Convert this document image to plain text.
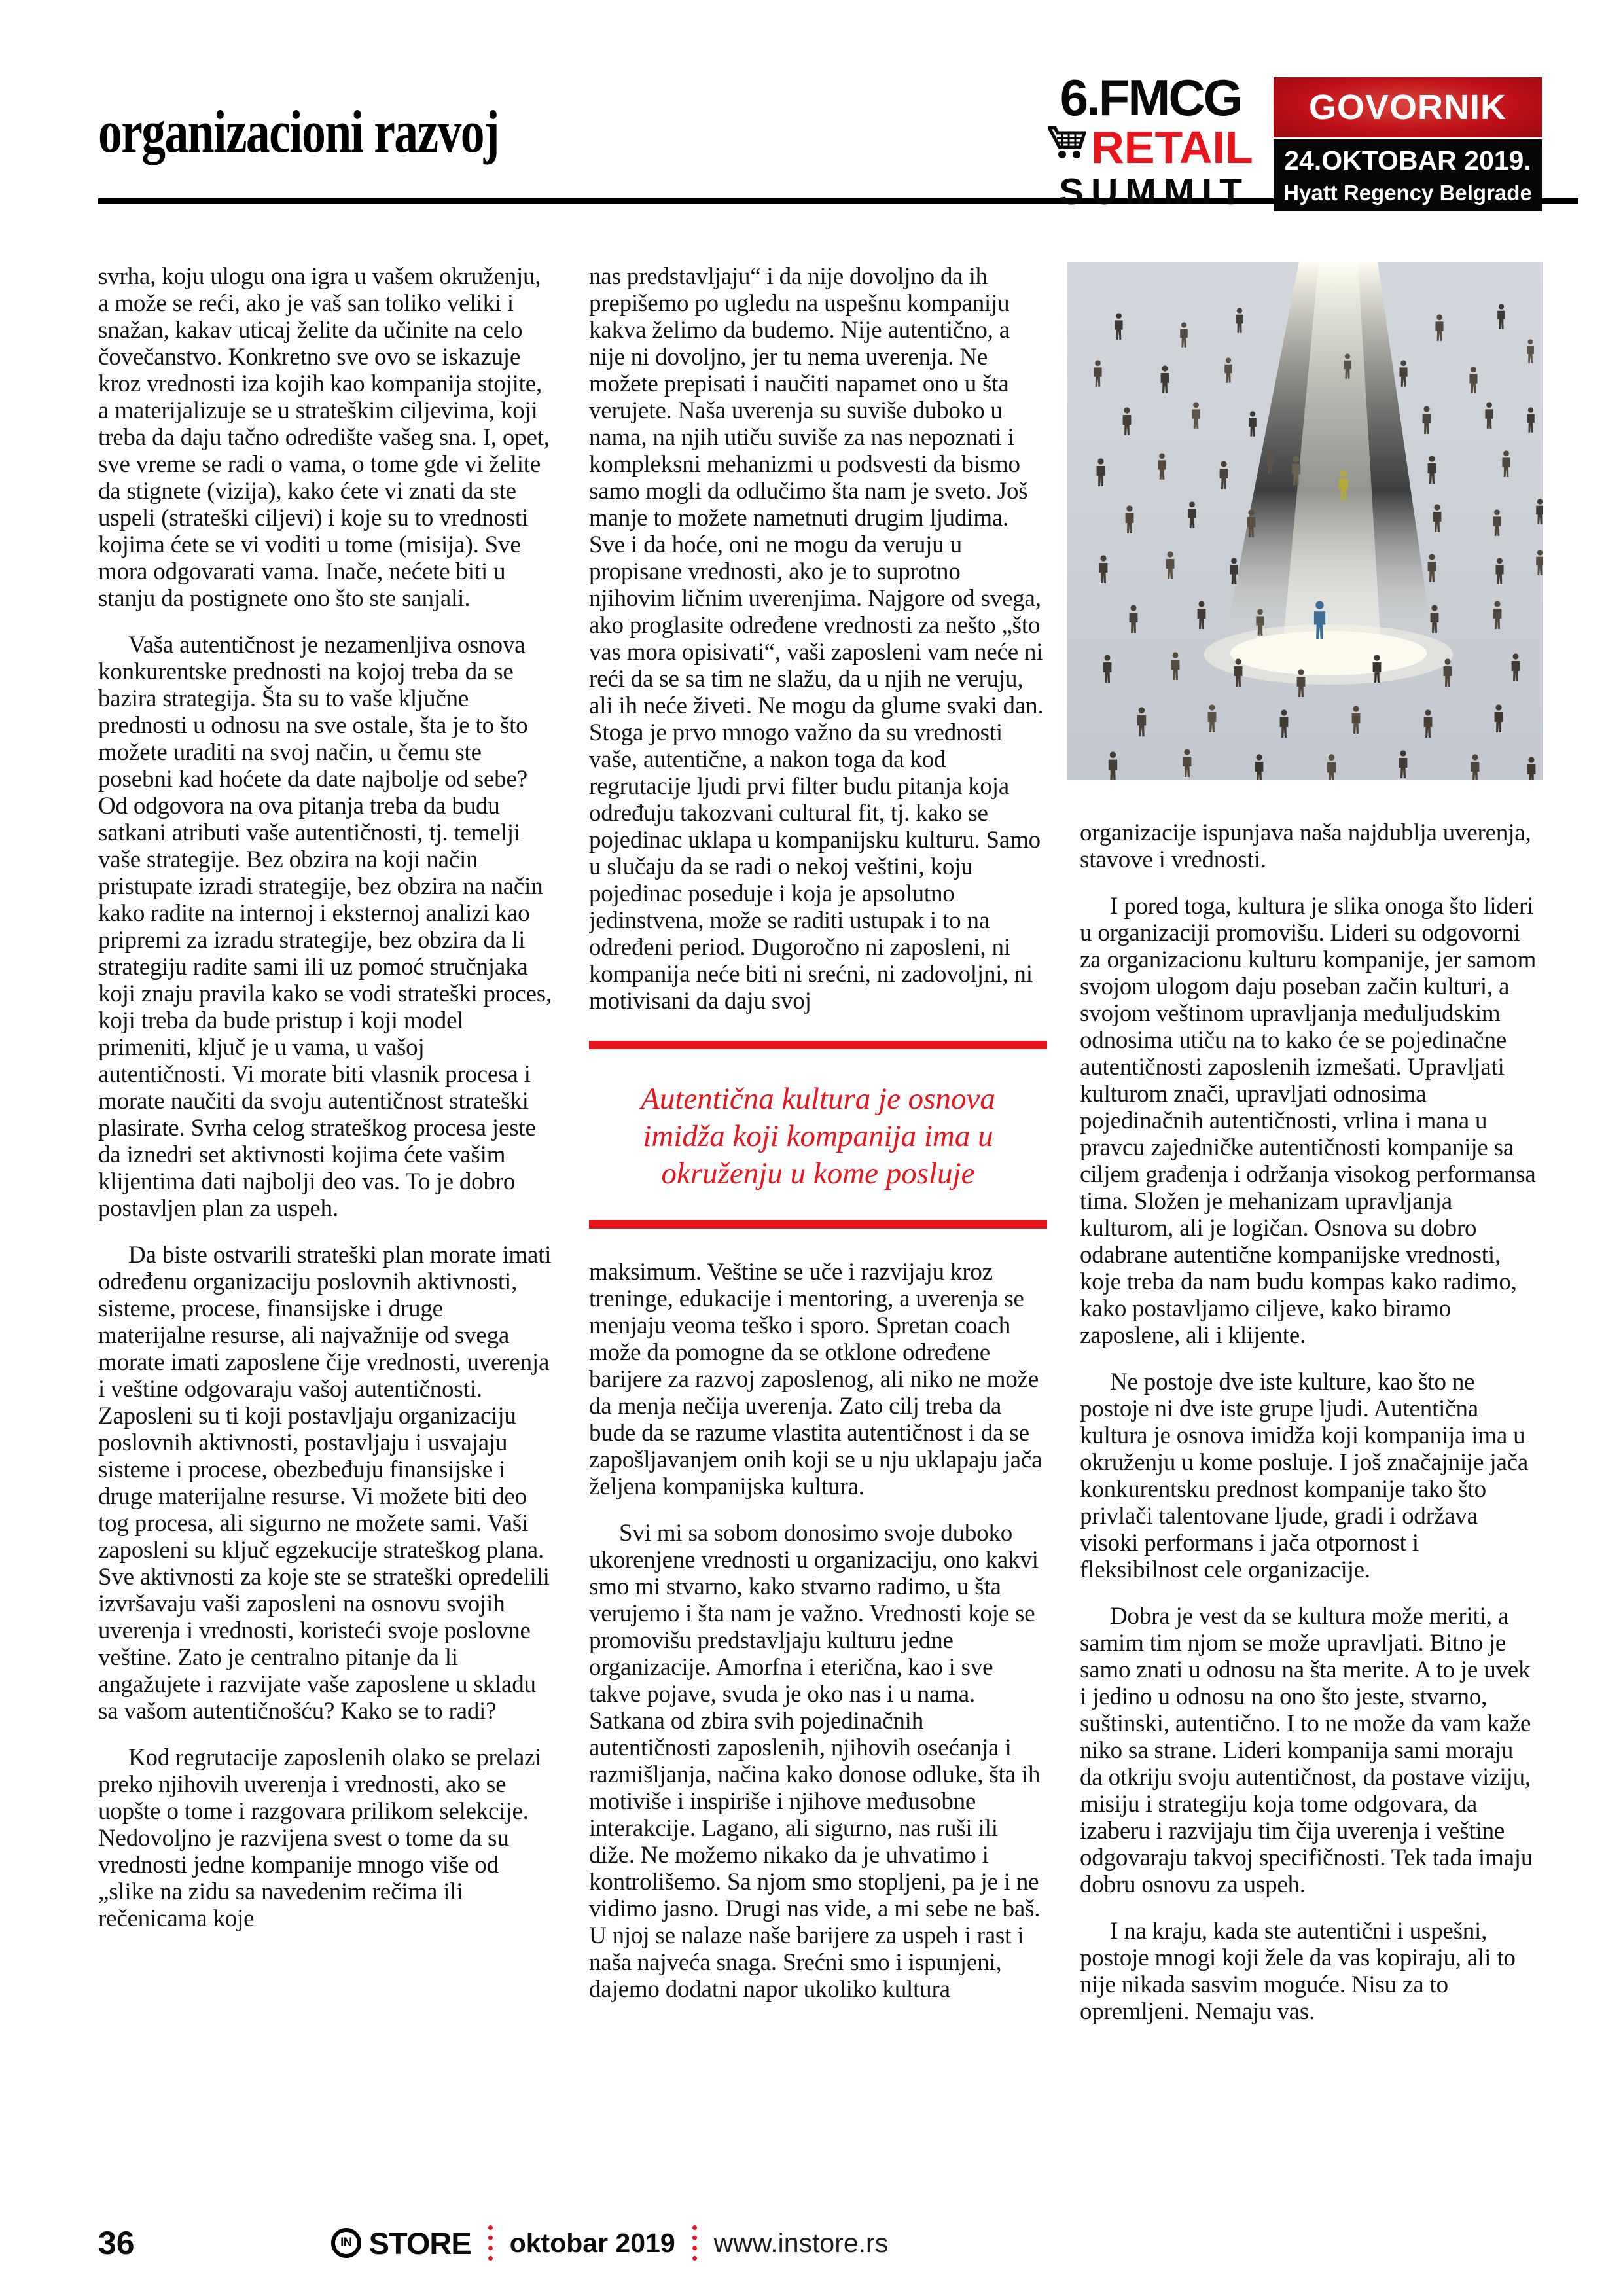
organizacioni razvoj
6.FMCG
RETAIL
SUMMIT
GOVORNIK
24.OKTOBAR 2019.
Hyatt Regency Belgrade

svrha, koju ulogu ona igra u vašem okruženju, a može se reći, ako je vaš san toliko veliki i snažan, kakav uticaj želite da učinite na celo čovečanstvo. Konkretno sve ovo se iskazuje kroz vrednosti iza kojih kao kompanija stojite, a materijalizuje se u strateškim ciljevima, koji treba da daju tačno odredište vašeg sna. I, opet, sve vreme se radi o vama, o tome gde vi želite da stignete (vizija), kako ćete vi znati da ste uspeli (strateški ciljevi) i koje su to vrednosti kojima ćete se vi voditi u tome (misija). Sve mora odgovarati vama. Inače, nećete biti u stanju da postignete ono što ste sanjali.

Vaša autentičnost je nezamenljiva osnova konkurentske prednosti na kojoj treba da se bazira strategija. Šta su to vaše ključne prednosti u odnosu na sve ostale, šta je to što možete uraditi na svoj način, u čemu ste posebni kad hoćete da date najbolje od sebe? Od odgovora na ova pitanja treba da budu satkani atributi vaše autentičnosti, tj. temelji vaše strategije. Bez obzira na koji način pristupate izradi strategije, bez obzira na način kako radite na internoj i eksternoj analizi kao pripremi za izradu strategije, bez obzira da li strategiju radite sami ili uz pomoć stručnjaka koji znaju pravila kako se vodi strateški proces, koji treba da bude pristup i koji model primeniti, ključ je u vama, u vašoj autentičnosti. Vi morate biti vlasnik procesa i morate naučiti da svoju autentičnost strateški plasirate. Svrha celog strateškog procesa jeste da iznedri set aktivnosti kojima ćete vašim klijentima dati najbolji deo vas. To je dobro postavljen plan za uspeh.

Da biste ostvarili strateški plan morate imati određenu organizaciju poslovnih aktivnosti, sisteme, procese, finansijske i druge materijalne resurse, ali najvažnije od svega morate imati zaposlene čije vrednosti, uverenja i veštine odgovaraju vašoj autentičnosti. Zaposleni su ti koji postavljaju organizaciju poslovnih aktivnosti, postavljaju i usvajaju sisteme i procese, obezbeđuju finansijske i druge materijalne resurse. Vi možete biti deo tog procesa, ali sigurno ne možete sami. Vaši zaposleni su ključ egzekucije strateškog plana. Sve aktivnosti za koje ste se strateški opredelili izvršavaju vaši zaposleni na osnovu svojih uverenja i vrednosti, koristeći svoje poslovne veštine. Zato je centralno pitanje da li angažujete i razvijate vaše zaposlene u skladu sa vašom autentičnošću? Kako se to radi?

Kod regrutacije zaposlenih olako se prelazi preko njihovih uverenja i vrednosti, ako se uopšte o tome i razgovara prilikom selekcije. Nedovoljno je razvijena svest o tome da su vrednosti jedne kompanije mnogo više od „slike na zidu sa navedenim rečima ili rečenicama koje

nas predstavljaju“ i da nije dovoljno da ih prepišemo po ugledu na uspešnu kompaniju kakva želimo da budemo. Nije autentično, a nije ni dovoljno, jer tu nema uverenja. Ne možete prepisati i naučiti napamet ono u šta verujete. Naša uverenja su suviše duboko u nama, na njih utiču suviše za nas nepoznati i kompleksni mehanizmi u podsvesti da bismo samo mogli da odlučimo šta nam je sveto. Još manje to možete nametnuti drugim ljudima. Sve i da hoće, oni ne mogu da veruju u propisane vrednosti, ako je to suprotno njihovim ličnim uverenjima. Najgore od svega, ako proglasite određene vrednosti za nešto „što vas mora opisivati“, vaši zaposleni vam neće ni reći da se sa tim ne slažu, da u njih ne veruju, ali ih neće živeti. Ne mogu da glume svaki dan. Stoga je prvo mnogo važno da su vrednosti vaše, autentične, a nakon toga da kod regrutacije ljudi prvi filter budu pitanja koja određuju takozvani cultural fit, tj. kako se pojedinac uklapa u kompanijsku kulturu. Samo u slučaju da se radi o nekoj veštini, koju pojedinac poseduje i koja je apsolutno jedinstvena, može se raditi ustupak i to na određeni period. Dugoročno ni zaposleni, ni kompanija neće biti ni srećni, ni zadovoljni, ni motivisani da daju svoj

Autentična kultura je osnova imidža koji kompanija ima u okruženju u kome posluje

maksimum. Veštine se uče i razvijaju kroz treninge, edukacije i mentoring, a uverenja se menjaju veoma teško i sporo. Spretan coach može da pomogne da se otklone određene barijere za razvoj zaposlenog, ali niko ne može da menja nečija uverenja. Zato cilj treba da bude da se razume vlastita autentičnost i da se zapošljavanjem onih koji se u nju uklapaju jača željena kompanijska kultura.

Svi mi sa sobom donosimo svoje duboko ukorenjene vrednosti u organizaciju, ono kakvi smo mi stvarno, kako stvarno radimo, u šta verujemo i šta nam je važno. Vrednosti koje se promovišu predstavljaju kulturu jedne organizacije. Amorfna i eterična, kao i sve takve pojave, svuda je oko nas i u nama. Satkana od zbira svih pojedinačnih autentičnosti zaposlenih, njihovih osećanja i razmišljanja, načina kako donose odluke, šta ih motiviše i inspiriše i njihove međusobne interakcije. Lagano, ali sigurno, nas ruši ili diže. Ne možemo nikako da je uhvatimo i kontrolišemo. Sa njom smo stopljeni, pa je i ne vidimo jasno. Drugi nas vide, a mi sebe ne baš. U njoj se nalaze naše barijere za uspeh i rast i naša najveća snaga. Srećni smo i ispunjeni, dajemo dodatni napor ukoliko kultura

organizacije ispunjava naša najdublja uverenja, stavove i vrednosti.

I pored toga, kultura je slika onoga što lideri u organizaciji promovišu. Lideri su odgovorni za organizacionu kulturu kompanije, jer samom svojom ulogom daju poseban začin kulturi, a svojom veštinom upravljanja međuljudskim odnosima utiču na to kako će se pojedinačne autentičnosti zaposlenih izmešati. Upravljati kulturom znači, upravljati odnosima pojedinačnih autentičnosti, vrlina i mana u pravcu zajedničke autentičnosti kompanije sa ciljem građenja i održanja visokog performansa tima. Složen je mehanizam upravljanja kulturom, ali je logičan. Osnova su dobro odabrane autentične kompanijske vrednosti, koje treba da nam budu kompas kako radimo, kako postavljamo ciljeve, kako biramo zaposlene, ali i klijente.

Ne postoje dve iste kulture, kao što ne postoje ni dve iste grupe ljudi. Autentična kultura je osnova imidža koji kompanija ima u okruženju u kome posluje. I još značajnije jača konkurentsku prednost kompanije tako što privlači talentovane ljude, gradi i održava visoki performans i jača otpornost i fleksibilnost cele organizacije.

Dobra je vest da se kultura može meriti, a samim tim njom se može upravljati. Bitno je samo znati u odnosu na šta merite. A to je uvek i jedino u odnosu na ono što jeste, stvarno, suštinski, autentično. I to ne može da vam kaže niko sa strane. Lideri kompanija sami moraju da otkriju svoju autentičnost, da postave viziju, misiju i strategiju koja tome odgovara, da izaberu i razvijaju tim čija uverenja i veštine odgovaraju takvoj specifičnosti. Tek tada imaju dobru osnovu za uspeh.

I na kraju, kada ste autentični i uspešni, postoje mnogi koji žele da vas kopiraju, ali to nije nikada sasvim moguće. Nisu za to opremljeni. Nemaju vas.

36	IN STORE oktobar 2019 www.instore.rs
